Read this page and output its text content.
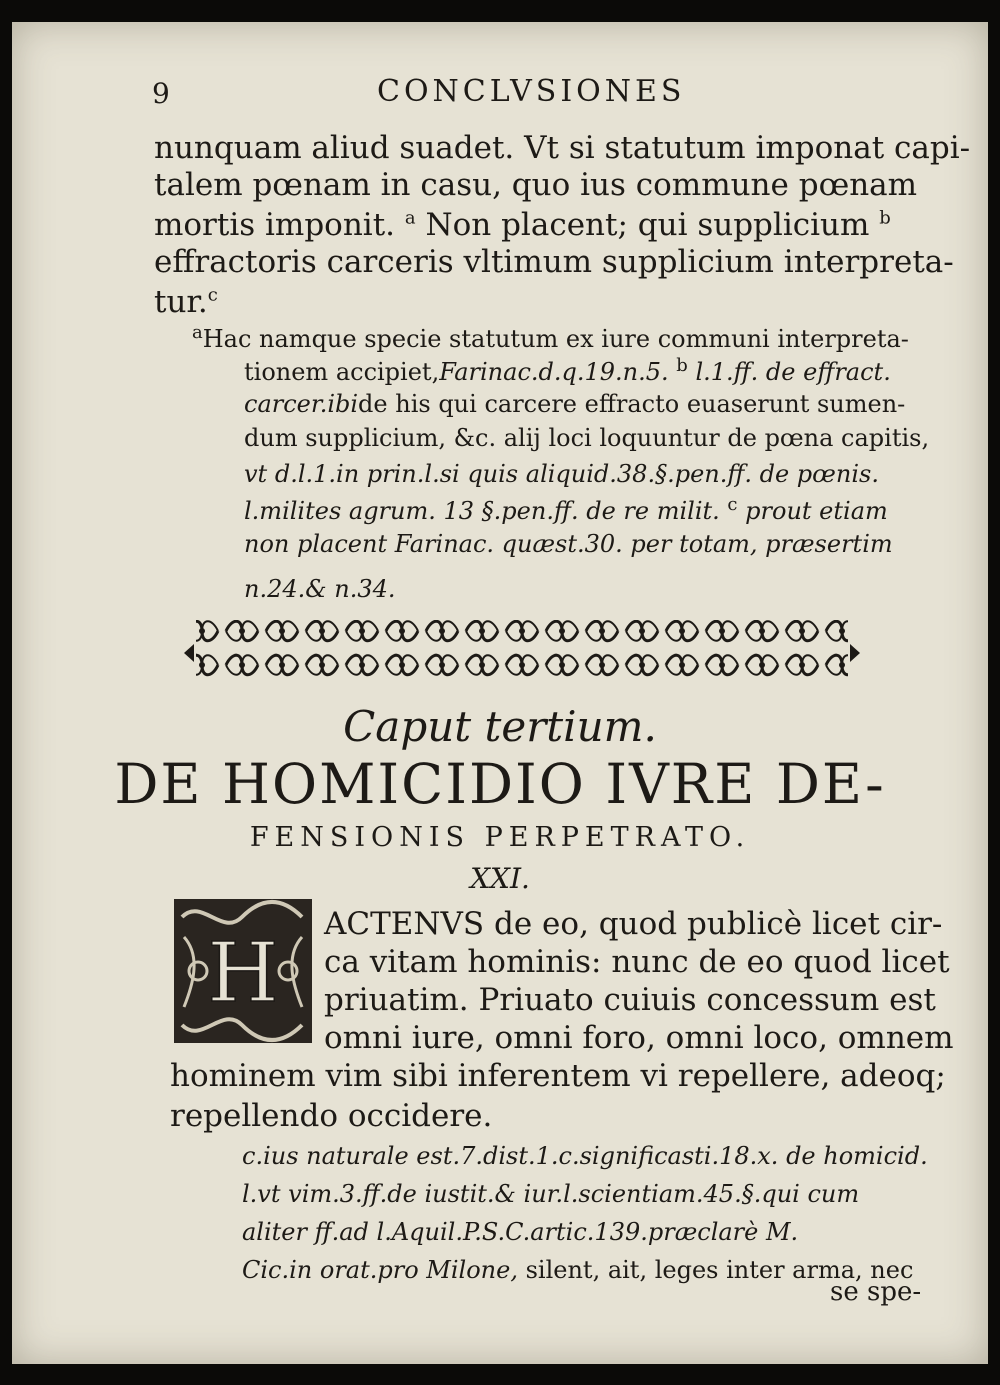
9	CONCLVSIONES
nunquam aliud suadet. Vt si statutum imponat capi-
talem pœnam in casu, quo ius commune pœnam
mortis imponit. $^a$ Non placent; qui supplicium $^b$
effractoris carceris vltimum supplicium interpreta-
tur.$^c$
$^a$Hac namque specie statutum ex iure communi interpreta-
tionem accipiet,Farinac.d.q.19.n.5. $^b$ l.1.ff. de effract.
carcer.ibide his qui carcere effracto euaserunt sumen-
dum supplicium, &c. alij loci loquuntur de pœna capitis,
vt d.l.1.in prin.l.si quis aliquid.38.§.pen.ff. de pœnis.
l.milites agrum. 13 §.pen.ff. de re milit. $^c$ prout etiam
non placent Farinac. quæst.30. per totam, præsertim
n.24.& n.34.
Caput tertium.
DE HOMICIDIO IVRE DE-
FENSIONIS PERPETRATO.
XXI.
H
ACTENVS de eo, quod publicè licet cir-
ca vitam hominis: nunc de eo quod licet
priuatim. Priuato cuiuis concessum est
omni iure, omni foro, omni loco, omnem
hominem vim sibi inferentem vi repellere, adeoq;
repellendo occidere.
c.ius naturale est.7.dist.1.c.significasti.18.x. de homicid.
l.vt vim.3.ff.de iustit.& iur.l.scientiam.45.§.qui cum
aliter ff.ad l.Aquil.P.S.C.artic.139.præclarè M.
Cic.in orat.pro Milone, silent, ait, leges inter arma, nec
se spe-
